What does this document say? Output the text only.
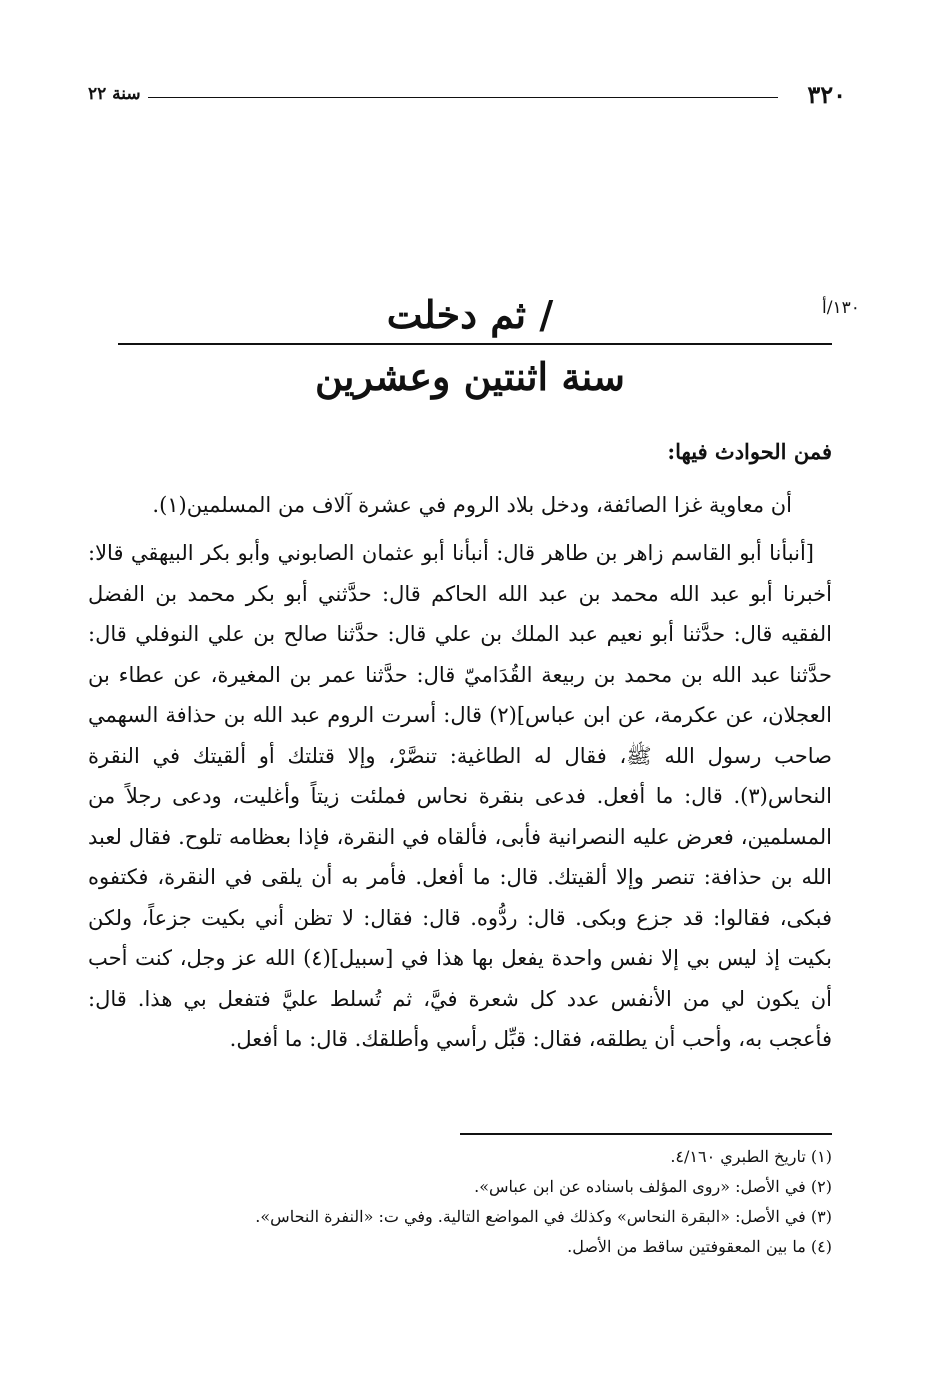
سنة ٢٢	٣٢٠
١٣٠/أ
/ ثم دخلت
سنة اثنتين وعشرين

فمن الحوادث فيها:

أن معاوية غزا الصائفة، ودخل بلاد الروم في عشرة آلاف من المسلمين(١).

[أنبأنا أبو القاسم زاهر بن طاهر قال: أنبأنا أبو عثمان الصابوني وأبو بكر البيهقي قالا: أخبرنا أبو عبد الله محمد بن عبد الله الحاكم قال: حدَّثني أبو بكر محمد بن الفضل الفقيه قال: حدَّثنا أبو نعيم عبد الملك بن علي قال: حدَّثنا صالح بن علي النوفلي قال: حدَّثنا عبد الله بن محمد بن ربيعة القُدَاميّ قال: حدَّثنا عمر بن المغيرة، عن عطاء بن العجلان، عن عكرمة، عن ابن عباس](٢) قال: أسرت الروم عبد الله بن حذافة السهمي صاحب رسول الله ﷺ، فقال له الطاغية: تنصَّرْ، وإلا قتلتك أو ألقيتك في النقرة النحاس(٣). قال: ما أفعل. فدعى بنقرة نحاس فملئت زيتاً وأغليت، ودعى رجلاً من المسلمين، فعرض عليه النصرانية فأبى، فألقاه في النقرة، فإذا بعظامه تلوح. فقال لعبد الله بن حذافة: تنصر وإلا ألقيتك. قال: ما أفعل. فأمر به أن يلقى في النقرة، فكتفوه فبكى، فقالوا: قد جزع وبكى. قال: ردُّوه. قال: فقال: لا تظن أني بكيت جزعاً، ولكن بكيت إذ ليس بي إلا نفس واحدة يفعل بها هذا في [سبيل](٤) الله عز وجل، كنت أحب أن يكون لي من الأنفس عدد كل شعرة فيَّ، ثم تُسلط عليَّ فتفعل بي هذا. قال: فأعجب به، وأحب أن يطلقه، فقال: قبِّل رأسي وأطلقك. قال: ما أفعل.

(١) تاريخ الطبري ٤/١٦٠.

(٢) في الأصل: «روى المؤلف باسناده عن ابن عباس».

(٣) في الأصل: «البقرة النحاس» وكذلك في المواضع التالية. وفي ت: «النفرة النحاس».

(٤) ما بين المعقوفتين ساقط من الأصل.
